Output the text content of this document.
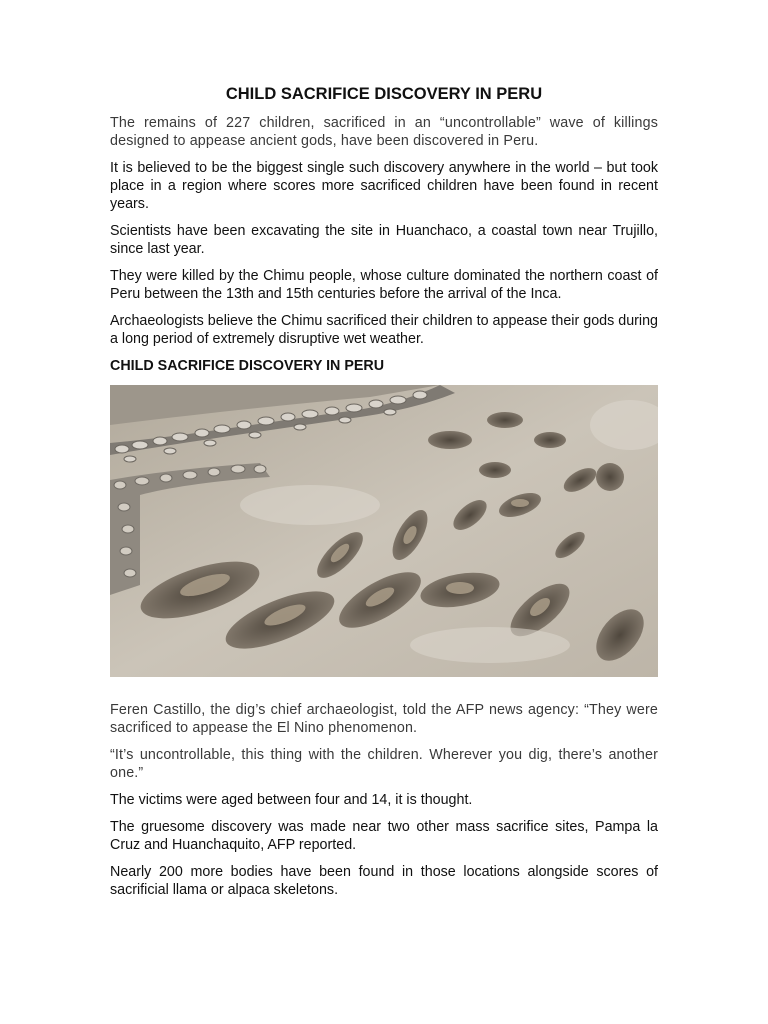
CHILD SACRIFICE DISCOVERY IN PERU

The remains of 227 children, sacrificed in an “uncontrollable” wave of killings designed to appease ancient gods, have been discovered in Peru.

It is believed to be the biggest single such discovery anywhere in the world – but took place in a region where scores more sacrificed children have been found in recent years.

Scientists have been excavating the site in Huanchaco, a coastal town near Trujillo, since last year.

They were killed by the Chimu people, whose culture dominated the northern coast of Peru between the 13th and 15th centuries before the arrival of the Inca.

Archaeologists believe the Chimu sacrificed their children to appease their gods during a long period of extremely disruptive wet weather.

CHILD SACRIFICE DISCOVERY IN PERU

Feren Castillo, the dig’s chief archaeologist, told the AFP news agency: “They were sacrificed to appease the El Nino phenomenon.

“It’s uncontrollable, this thing with the children. Wherever you dig, there’s another one.”

The victims were aged between four and 14, it is thought.

The gruesome discovery was made near two other mass sacrifice sites, Pampa la Cruz and Huanchaquito, AFP reported.

Nearly 200 more bodies have been found in those locations alongside scores of sacrificial llama or alpaca skeletons.
